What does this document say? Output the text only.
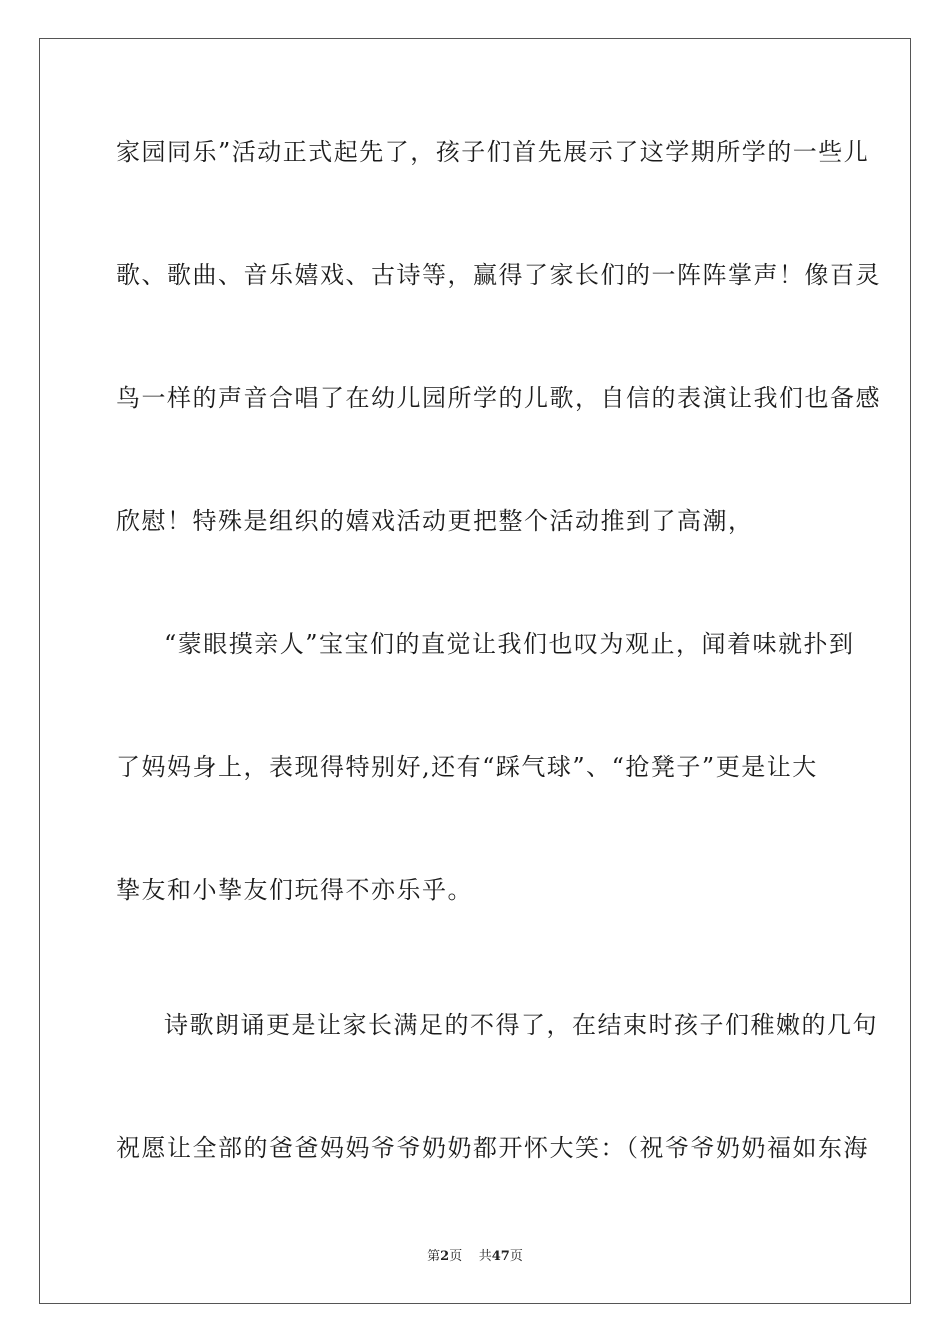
家园同乐”活动正式起先了，孩子们首先展示了这学期所学的一些儿
歌、歌曲、音乐嬉戏、古诗等，赢得了家长们的一阵阵掌声！像百灵
鸟一样的声音合唱了在幼儿园所学的儿歌，自信的表演让我们也备感
欣慰！特殊是组织的嬉戏活动更把整个活动推到了高潮，
“蒙眼摸亲人”宝宝们的直觉让我们也叹为观止，闻着味就扑到
了妈妈身上，表现得特别好,还有“踩气球”、“抢凳子”更是让大
挚友和小挚友们玩得不亦乐乎。
诗歌朗诵更是让家长满足的不得了，在结束时孩子们稚嫩的几句
祝愿让全部的爸爸妈妈爷爷奶奶都开怀大笑：（祝爷爷奶奶福如东海
第2页 共47页
